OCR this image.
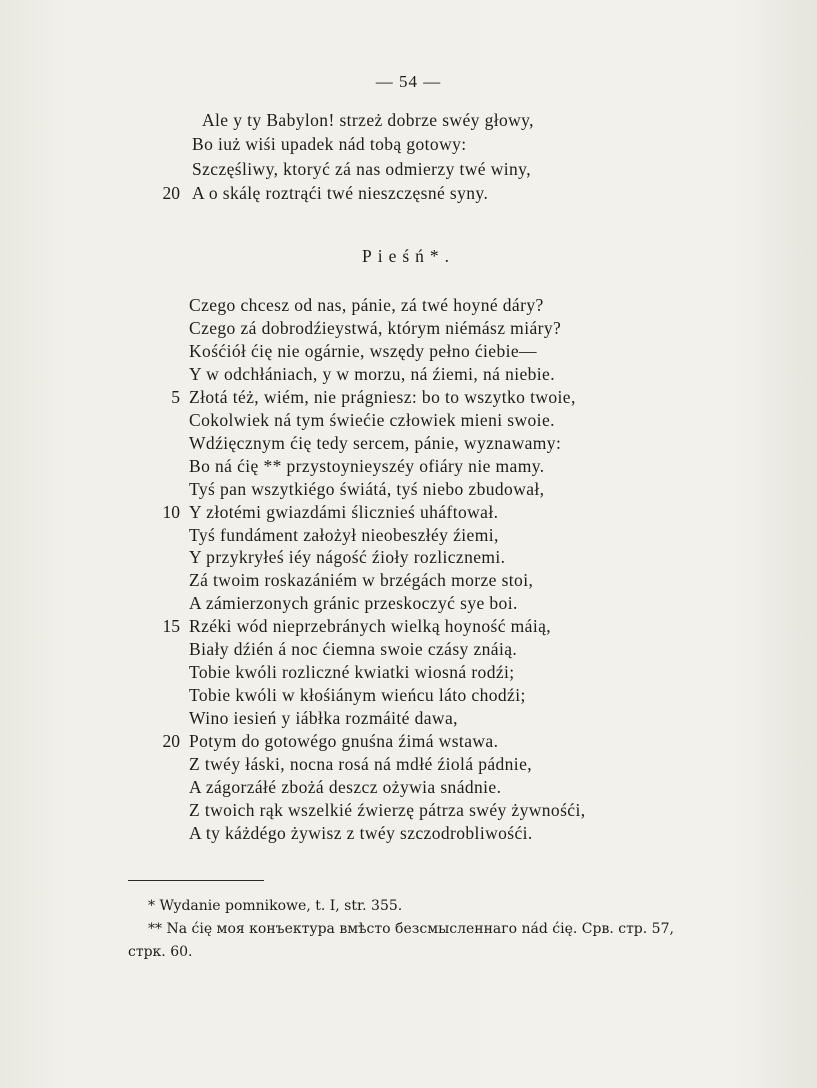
— 54 —
Ale y ty Babylon! strzeż dobrze swéy głowy,
Bo iuż wiśi upadek nád tobą gotowy:
Szczęśliwy, ktoryć zá nas odmierzy twé winy,
20 A o skálę roztrąći twé nieszczęsné syny.
Pieśń*.
Czego chcesz od nas, pánie, zá twé hoyné dáry?
Czego zá dobrodźieystwá, którym niémász miáry?
Kośćiół ćię nie ogárnie, wszędy pełno ćiebie—
Y w odchłániach, y w morzu, ná źiemi, ná niebie.
5 Złotá téż, wiém, nie prágniesz: bo to wszytko twoie,
Cokolwiek ná tym świećie człowiek mieni swoie.
Wdźięcznym ćię tedy sercem, pánie, wyznawamy:
Bo ná ćię ** przystoynieyszéy ofiáry nie mamy.
Tyś pan wszytkiégo świátá, tyś niebo zbudował,
10 Y złotémi gwiazdámi ślicznieś uháftował.
Tyś fundáment założył nieobeszłéy źiemi,
Y przykryłeś iéy nágość źioły rozlicznemi.
Zá twoim roskazániém w brzégách morze stoi,
A zámierzonych gránic przeskoczyć sye boi.
15 Rzéki wód nieprzebránych wielką hoyność máią,
Biały dźién á noc ćiemna swoie czásy znáią.
Tobie kwóli rozliczné kwiatki wiosná rodźi;
Tobie kwóli w kłośiánym wieńcu láto chodźi;
Wino iesień y iábłka rozmáité dawa,
20 Potym do gotowégo gnuśna źimá wstawa.
Z twéy łáski, nocna rosá ná mdłé źiolá pádnie,
A zágorzáłé zbożá deszcz ożywia snádnie.
Z twoich rąk wszelkié źwierzę pátrza swéy żywnośći,
A ty káżdégo żywisz z twéy szczodrobliwośći.
* Wydanie pomnikowe, t. I, str. 355.
** Na ćię моя конъектура вмѣсто безсмысленнаго nád ćię. Срв. стр. 57,
стрк. 60.
